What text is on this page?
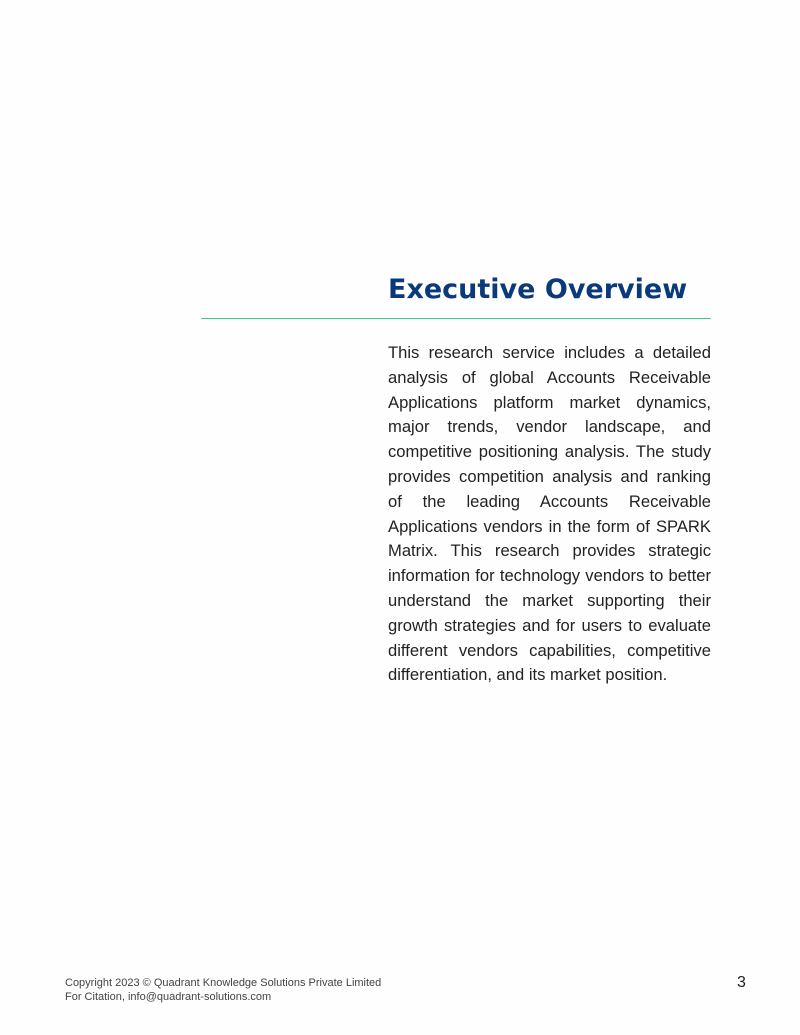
Executive Overview

This research service includes a detailed analysis of global Accounts Receivable Applications platform market dynamics, major trends, vendor landscape, and competitive positioning analysis. The study provides competition analysis and ranking of the leading Accounts Receivable Applications vendors in the form of SPARK Matrix. This research provides strategic information for technology vendors to better understand the market supporting their growth strategies and for users to evaluate different vendors capabilities, competitive differentiation, and its market position.

Copyright 2023 © Quadrant Knowledge Solutions Private Limited
For Citation, info@quadrant-solutions.com
3
